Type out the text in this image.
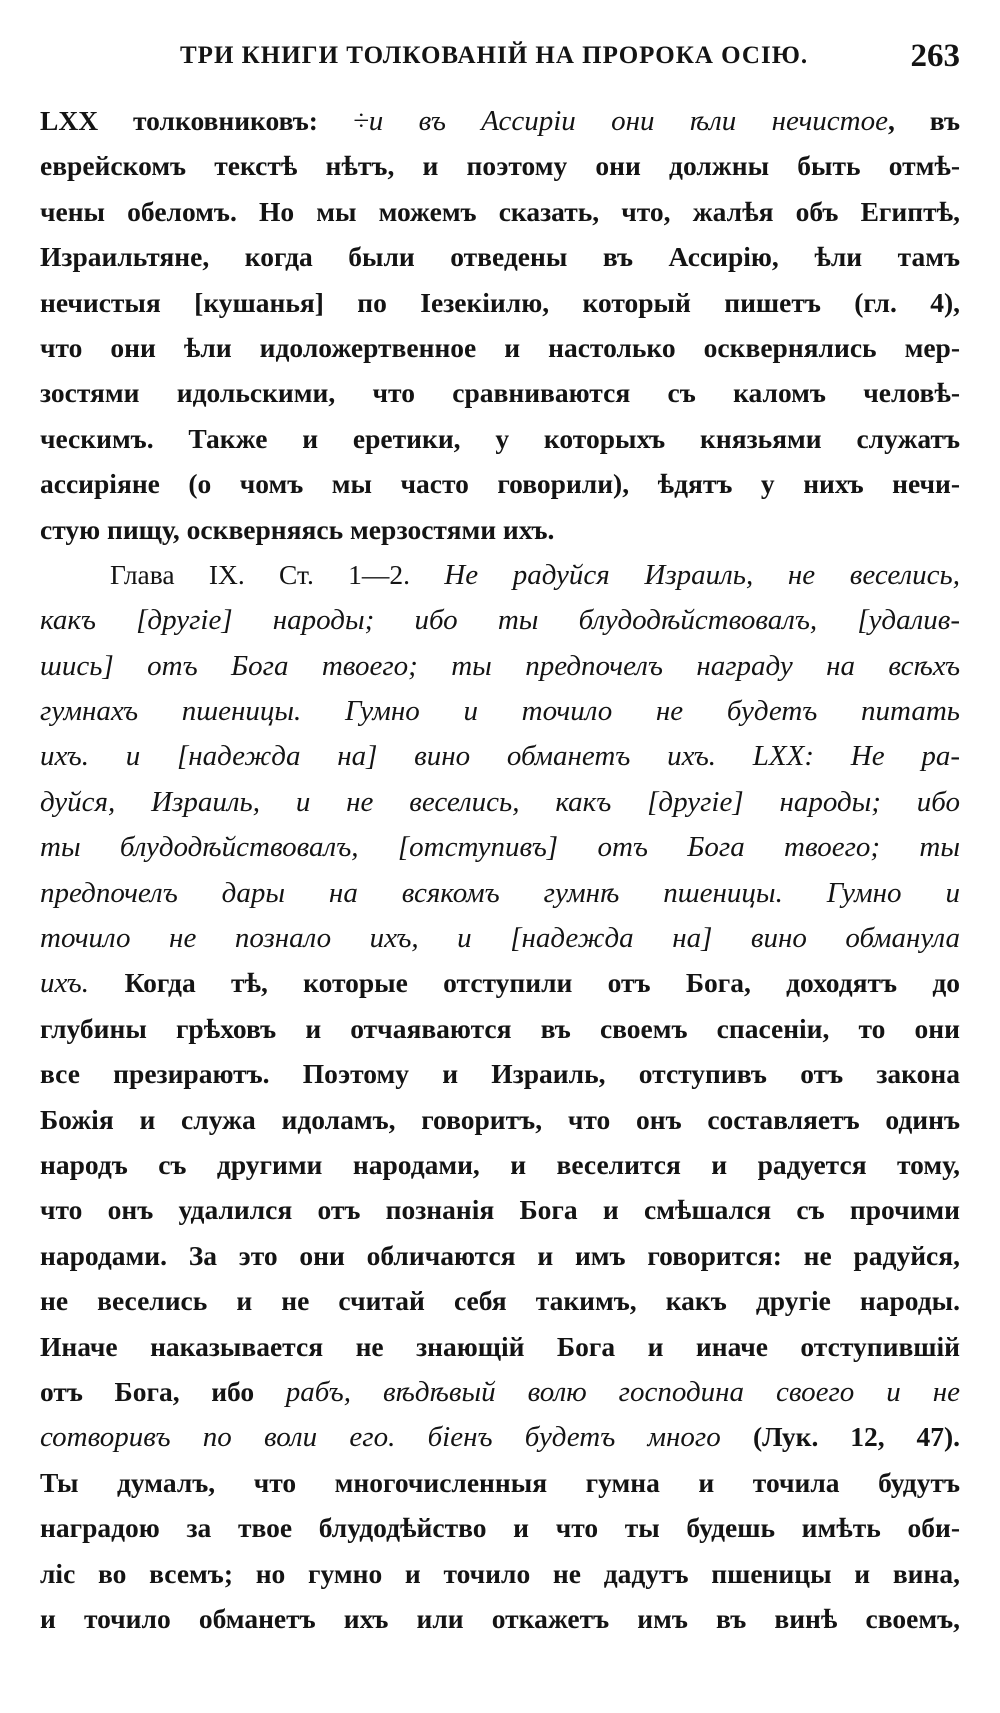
ТРИ КНИГИ ТОЛКОВАНІЙ НА ПРОРОКА ОСІЮ.	263
LXX толковниковъ: ÷и въ Ассиріи они ѣли нечистое, въ
еврейскомъ текстѣ нѣтъ, и поэтому они должны быть отмѣ-
чены обеломъ. Но мы можемъ сказать, что, жалѣя объ Египтѣ,
Израильтяне, когда были отведены въ Ассирію, ѣли тамъ
нечистыя [кушанья] по Іезекіилю, который пишетъ (гл. 4),
что они ѣли идоложертвенное и настолько оскверняли͏сь мер-
зостями идольскими, что сравниваются съ каломъ человѣ-
ческимъ. Также и еретики, у которыхъ князьями служатъ
ассиріяне (о чомъ мы часто говорили), ѣдятъ у нихъ нечи-
стую пищу, оскверняясь мерзостями ихъ.
Глава IX. Ст. 1—2. Не радуйся Израиль, не веселись,
какъ [другіе] народы; ибо ты блудодѣйствовалъ, [удалив-
шись] отъ Бога твоего; ты предпочелъ награду на всѣхъ
гумнахъ пшеницы. Гумно и точило не будетъ питать
ихъ. и [надежда на] вино обманетъ ихъ. LXX: Не ра-
дуйся, Израиль, и не веселись, какъ [другіе] народы; ибо
ты блудодѣйствовалъ, [отступивъ] отъ Бога твоего; ты
предпочелъ дары на всякомъ гумнѣ пшеницы. Гумно и
точило не познало ихъ, и [надежда на] вино обманула
ихъ. Когда тѣ, которые отступили отъ Бога, доходятъ до
глубины грѣховъ и отчаяваются въ своемъ спасеніи, то они
все презираютъ. Поэтому и Израиль, отступивъ отъ закона
Божія и служа идоламъ, говоритъ, что онъ составляетъ одинъ
народъ съ другими народами, и веселится и радуется тому,
что онъ удалился отъ познанія Бога и смѣшался съ прочими
народами. За это они обличаются и имъ говорится: не радуйся,
не веселись и не считай себя такимъ, какъ другіе народы.
Иначе наказывается не знающій Бога и иначе отступившій
отъ Бога, ибо рабъ, вѣдѣвый волю господина своего и не
сотворивъ по воли его. біенъ будетъ много (Лук. 12, 47).
Ты думалъ, что многочисленныя гумна и точила будутъ
наградою за твое блудодѣйство и что ты будешь имѣть оби-
ліс во всемъ; но гумно и точило не дадутъ пшеницы и вина,
и точило обманетъ ихъ или откажетъ имъ въ винѣ своемъ,
